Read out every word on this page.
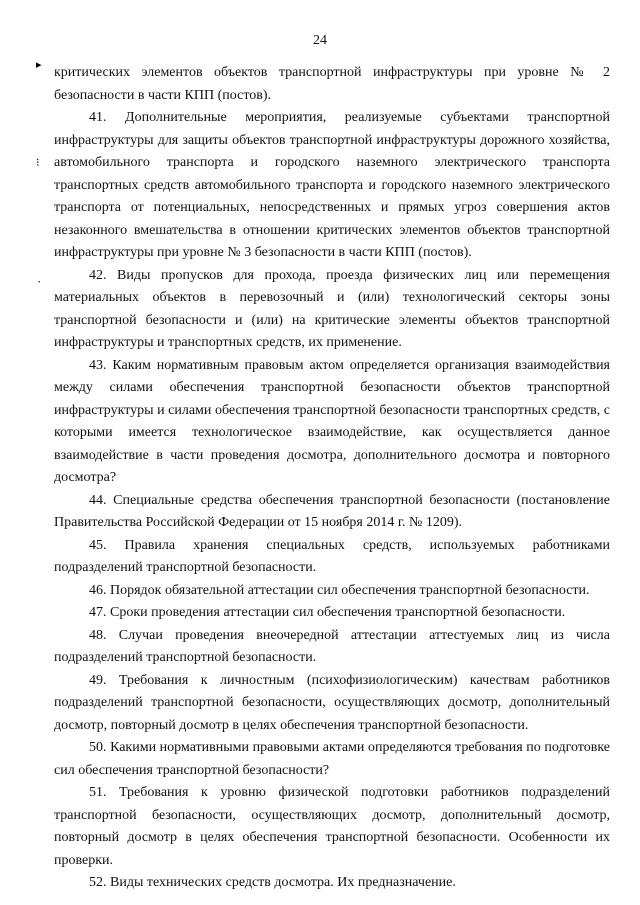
24
▸
⁝
˺

критических элементов объектов транспортной инфраструктуры при уровне № 2 безопасности в части КПП (постов).

41. Дополнительные мероприятия, реализуемые субъектами транспортной инфраструктуры для защиты объектов транспортной инфраструктуры дорожного хозяйства, автомобильного транспорта и городского наземного электрического транспорта транспортных средств автомобильного транспорта и городского наземного электрического транспорта от потенциальных, непосредственных и прямых угроз совершения актов незаконного вмешательства в отношении критических элементов объектов транспортной инфраструктуры при уровне № 3 безопасности в части КПП (постов).

42. Виды пропусков для прохода, проезда физических лиц или перемещения материальных объектов в перевозочный и (или) технологический секторы зоны транспортной безопасности и (или) на критические элементы объектов транспортной инфраструктуры и транспортных средств, их применение.

43. Каким нормативным правовым актом определяется организация взаимодействия между силами обеспечения транспортной безопасности объектов транспортной инфраструктуры и силами обеспечения транспортной безопасности транспортных средств, с которыми имеется технологическое взаимодействие, как осуществляется данное взаимодействие в части проведения досмотра, дополнительного досмотра и повторного досмотра?

44. Специальные средства обеспечения транспортной безопасности (постановление Правительства Российской Федерации от 15 ноября 2014 г. № 1209).

45. Правила хранения специальных средств, используемых работниками подразделений транспортной безопасности.

46. Порядок обязательной аттестации сил обеспечения транспортной безопасности.

47. Сроки проведения аттестации сил обеспечения транспортной безопасности.

48. Случаи проведения внеочередной аттестации аттестуемых лиц из числа подразделений транспортной безопасности.

49. Требования к личностным (психофизиологическим) качествам работников подразделений транспортной безопасности, осуществляющих досмотр, дополнительный досмотр, повторный досмотр в целях обеспечения транспортной безопасности.

50. Какими нормативными правовыми актами определяются требования по подготовке сил обеспечения транспортной безопасности?

51. Требования к уровню физической подготовки работников подразделений транспортной безопасности, осуществляющих досмотр, дополнительный досмотр, повторный досмотр в целях обеспечения транспортной безопасности. Особенности их проверки.

52. Виды технических средств досмотра. Их предназначение.
